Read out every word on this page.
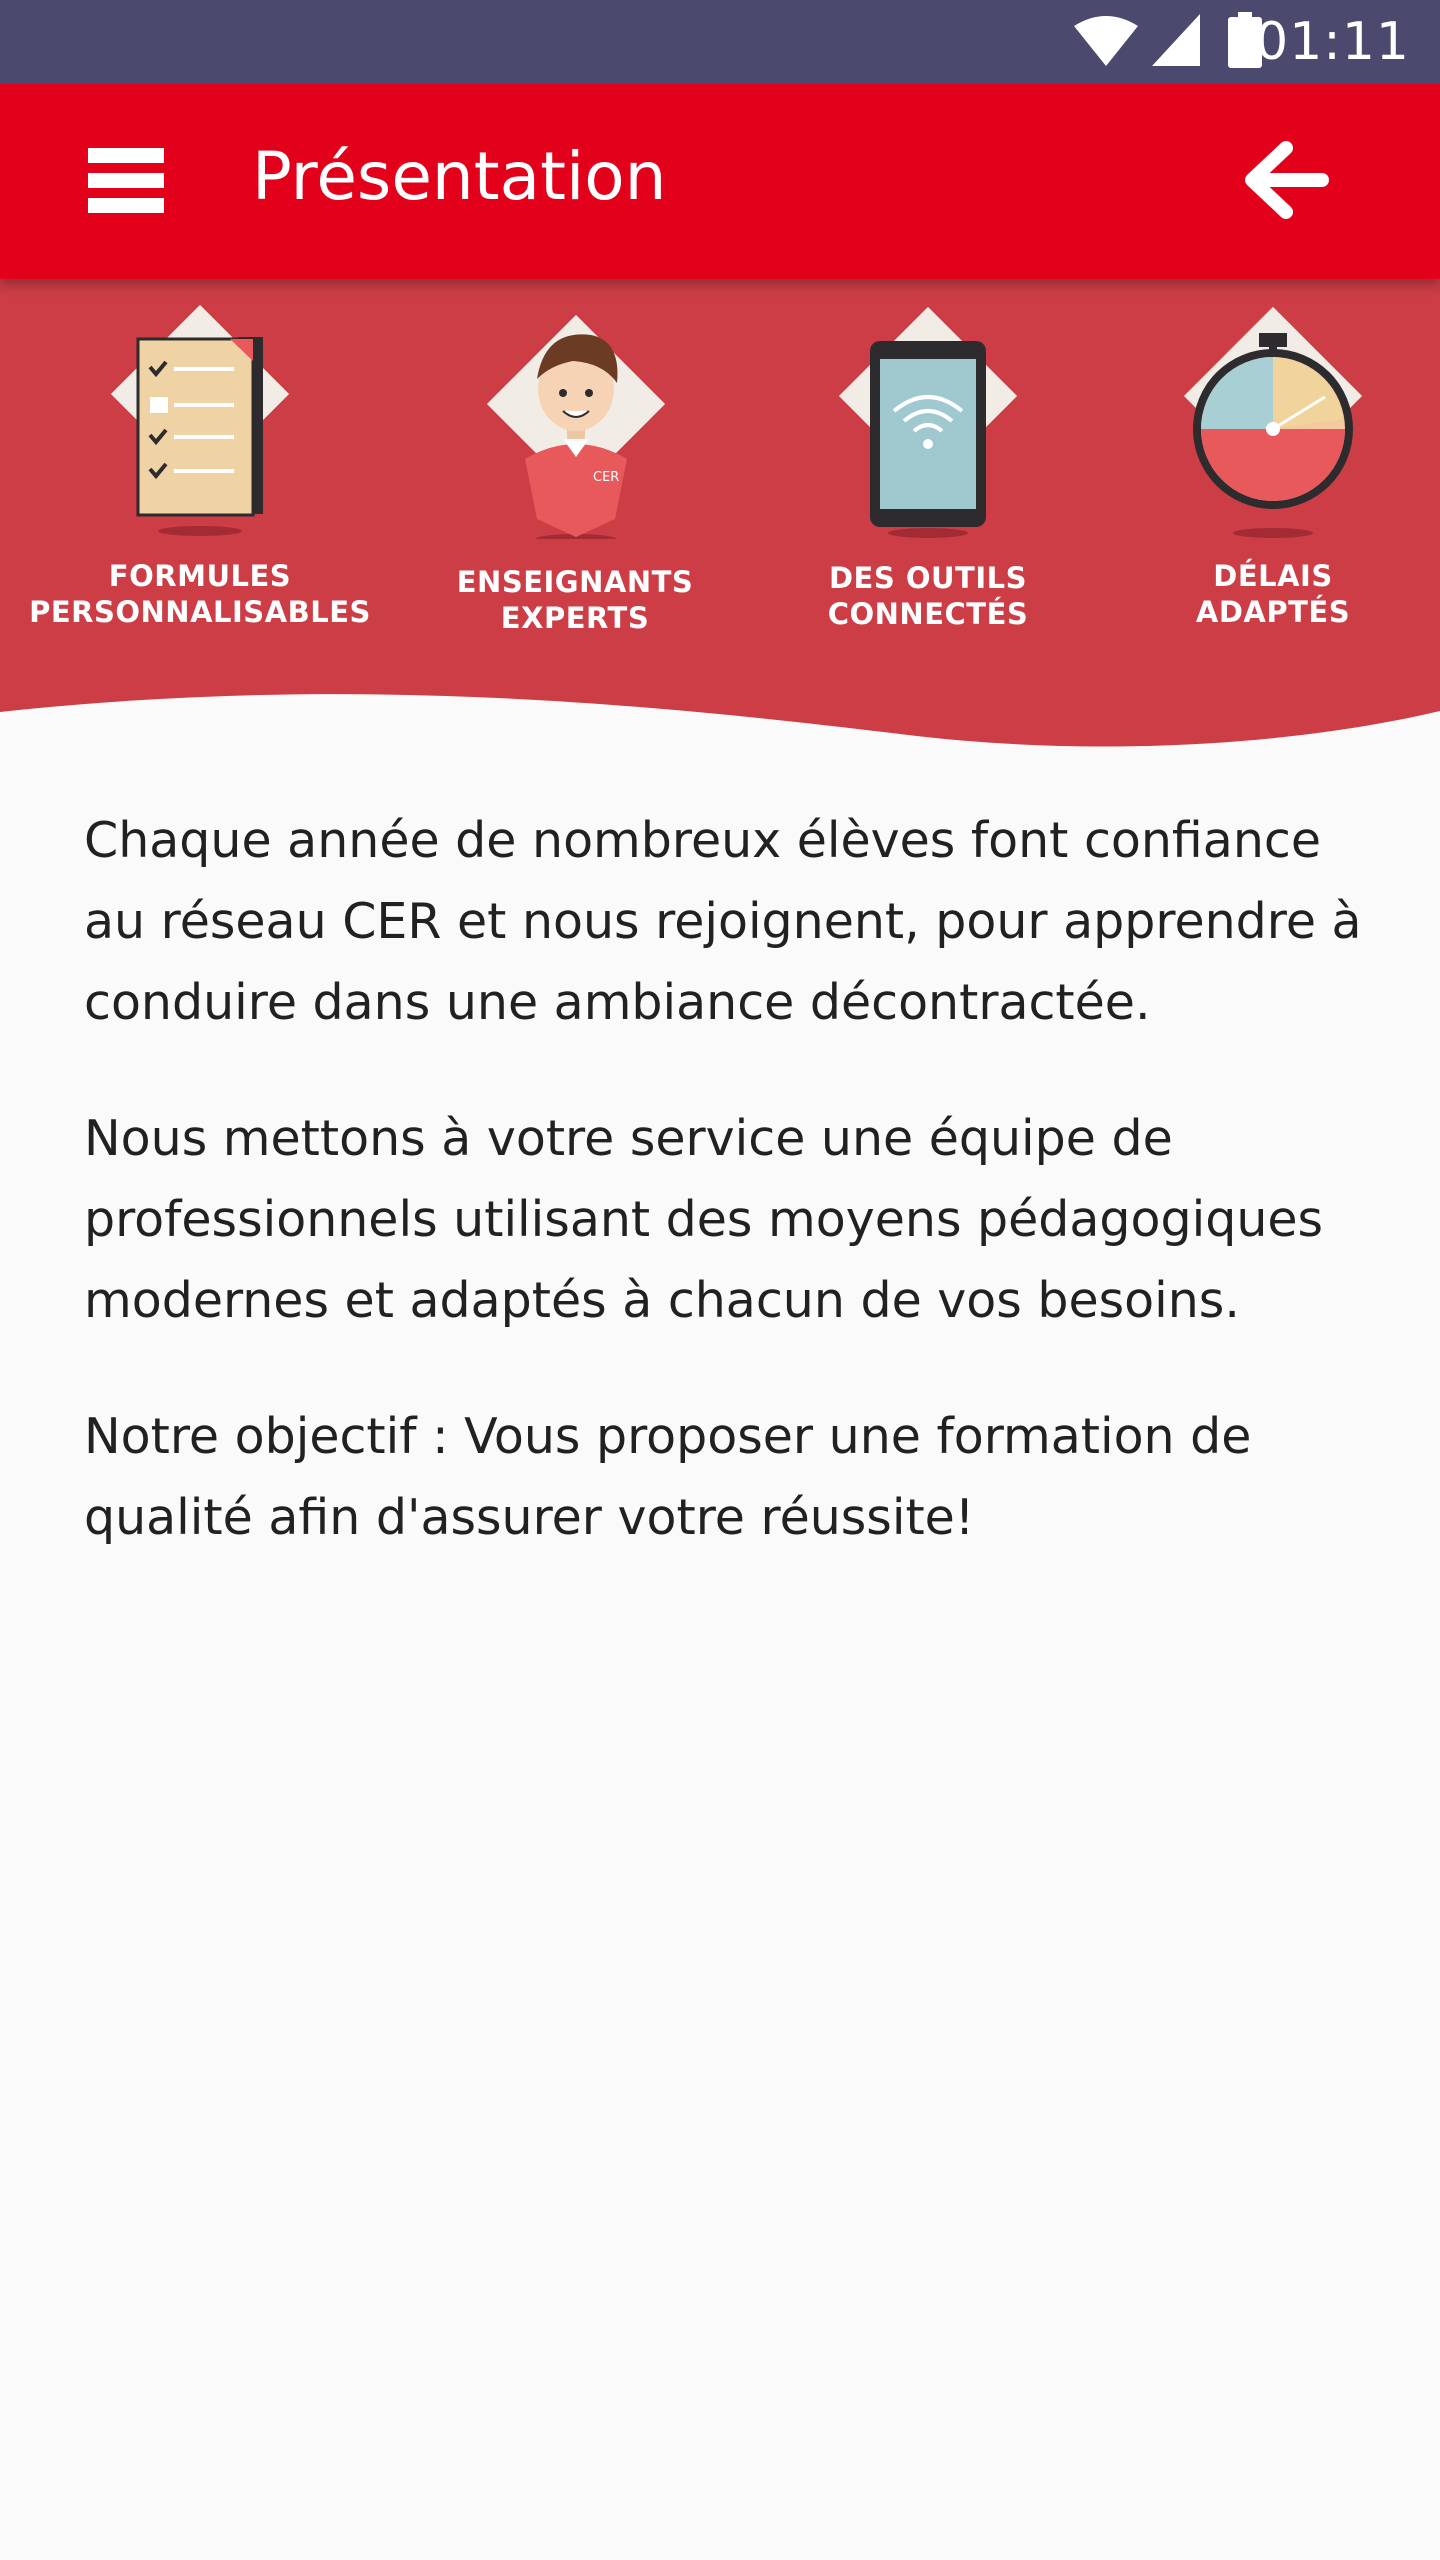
01:11
Présentation
FORMULES
PERSONNALISABLES
CER
ENSEIGNANTS
EXPERTS
DES OUTILS
CONNECTÉS
DÉLAIS
ADAPTÉS

Chaque année de nombreux élèves font confiance au réseau CER et nous rejoignent, pour apprendre à conduire dans une ambiance décontractée.

Nous mettons à votre service une équipe de professionnels utilisant des moyens pédagogiques modernes et adaptés à chacun de vos besoins.

Notre objectif : Vous proposer une formation de qualité afin d'assurer votre réussite!
